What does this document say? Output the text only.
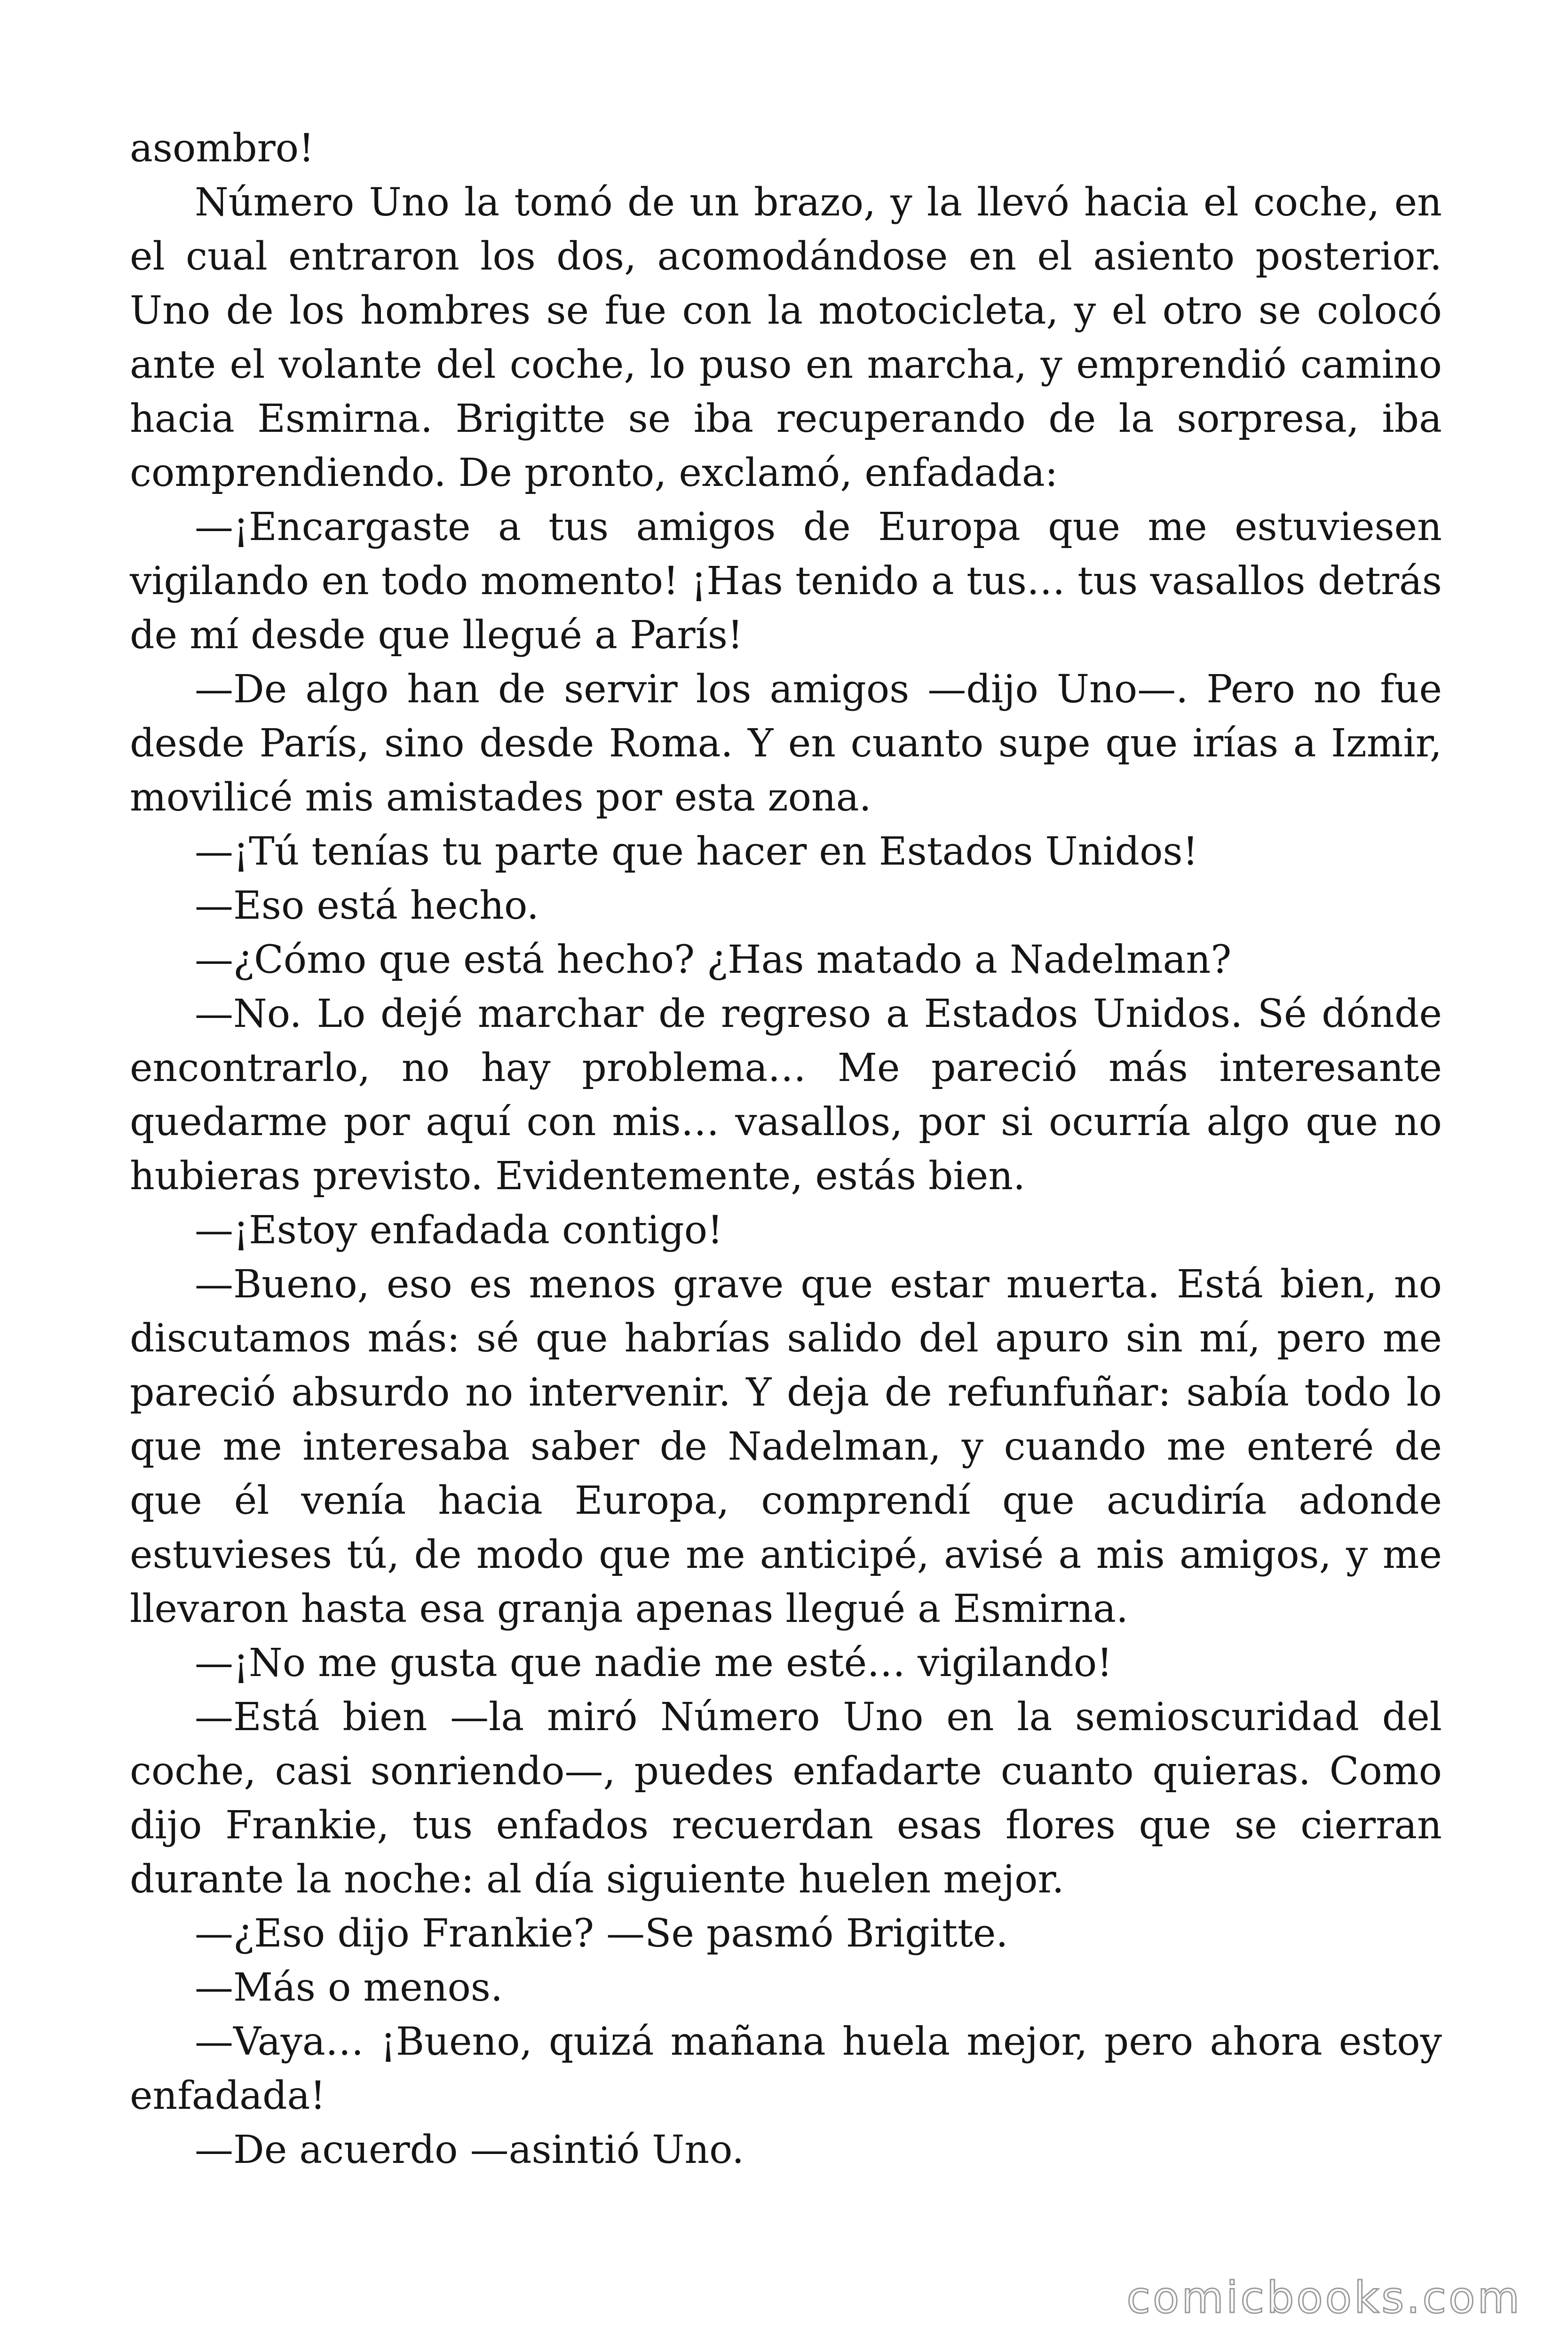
asombro!

Número Uno la tomó de un brazo, y la llevó hacia el coche, en el cual entraron los dos, acomodándose en el asiento posterior. Uno de los hombres se fue con la motocicleta, y el otro se colocó ante el volante del coche, lo puso en marcha, y emprendió camino hacia Esmirna. Brigitte se iba recuperando de la sorpresa, iba comprendiendo. De pronto, exclamó, enfadada:

—¡Encargaste a tus amigos de Europa que me estuviesen vigilando en todo momento! ¡Has tenido a tus… tus vasallos detrás de mí desde que llegué a París!

—De algo han de servir los amigos —dijo Uno—. Pero no fue desde París, sino desde Roma. Y en cuanto supe que irías a Izmir, movilicé mis amistades por esta zona.

—¡Tú tenías tu parte que hacer en Estados Unidos!

—Eso está hecho.

—¿Cómo que está hecho? ¿Has matado a Nadelman?

—No. Lo dejé marchar de regreso a Estados Unidos. Sé dónde encontrarlo, no hay problema… Me pareció más interesante quedarme por aquí con mis… vasallos, por si ocurría algo que no hubieras previsto. Evidentemente, estás bien.

—¡Estoy enfadada contigo!

—Bueno, eso es menos grave que estar muerta. Está bien, no discutamos más: sé que habrías salido del apuro sin mí, pero me pareció absurdo no intervenir. Y deja de refunfuñar: sabía todo lo que me interesaba saber de Nadelman, y cuando me enteré de que él venía hacia Europa, comprendí que acudiría adonde estuvieses tú, de modo que me anticipé, avisé a mis amigos, y me llevaron hasta esa granja apenas llegué a Esmirna.

—¡No me gusta que nadie me esté… vigilando!

—Está bien —la miró Número Uno en la semioscuridad del coche, casi sonriendo—, puedes enfadarte cuanto quieras. Como dijo Frankie, tus enfados recuerdan esas flores que se cierran durante la noche: al día siguiente huelen mejor.

—¿Eso dijo Frankie? —Se pasmó Brigitte.

—Más o menos.

—Vaya… ¡Bueno, quizá mañana huela mejor, pero ahora estoy enfadada!

—De acuerdo —asintió Uno.

comicbooks.com
